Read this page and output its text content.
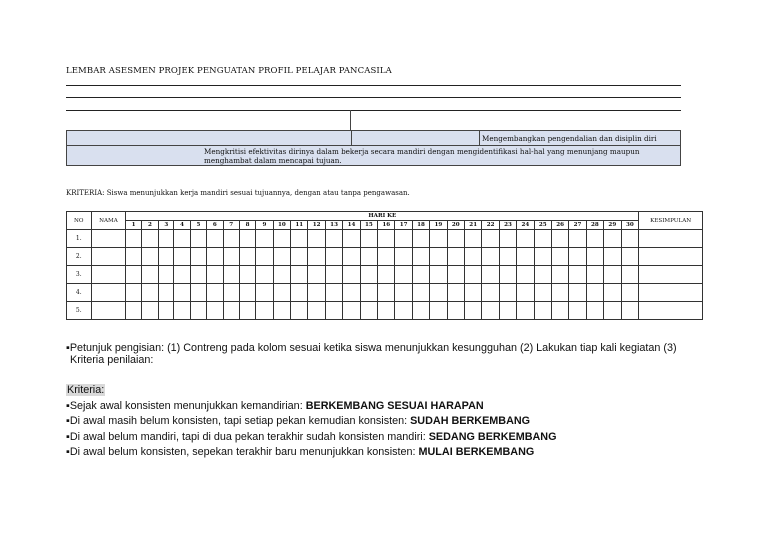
LEMBAR ASESMEN PROJEK PENGUATAN PROFIL PELAJAR PANCASILA
Mengembangkan pengendalian dan disiplin diri
Mengkritisi efektivitas dirinya dalam bekerja secara mandiri dengan mengidentifikasi hal-hal yang menunjang maupun
menghambat dalam mencapai tujuan.
KRITERIA: Siswa menunjukkan kerja mandiri sesuai tujuannya, dengan atau tanpa pengawasan.
NO	NAMA	HARI KE																														KESIMPULAN
		1	2	3	4	5	6	7	8	9	10	11	12	13	14	15	16	17	18	19	20	21	22	23	24	25	26	27	28	29	30	
1.																																
2.																																
3.																																
4.																																
5.																																
▪Petunjuk pengisian: (1) Contreng pada kolom sesuai ketika siswa menunjukkan kesungguhan (2) Lakukan tiap kali kegiatan (3)
Kriteria penilaian:
Kriteria:
▪Sejak awal konsisten menunjukkan kemandirian: BERKEMBANG SESUAI HARAPAN
▪Di awal masih belum konsisten, tapi setiap pekan kemudian konsisten: SUDAH BERKEMBANG
▪Di awal belum mandiri, tapi di dua pekan terakhir sudah konsisten mandiri: SEDANG BERKEMBANG
▪Di awal belum konsisten, sepekan terakhir baru menunjukkan konsisten: MULAI BERKEMBANG
